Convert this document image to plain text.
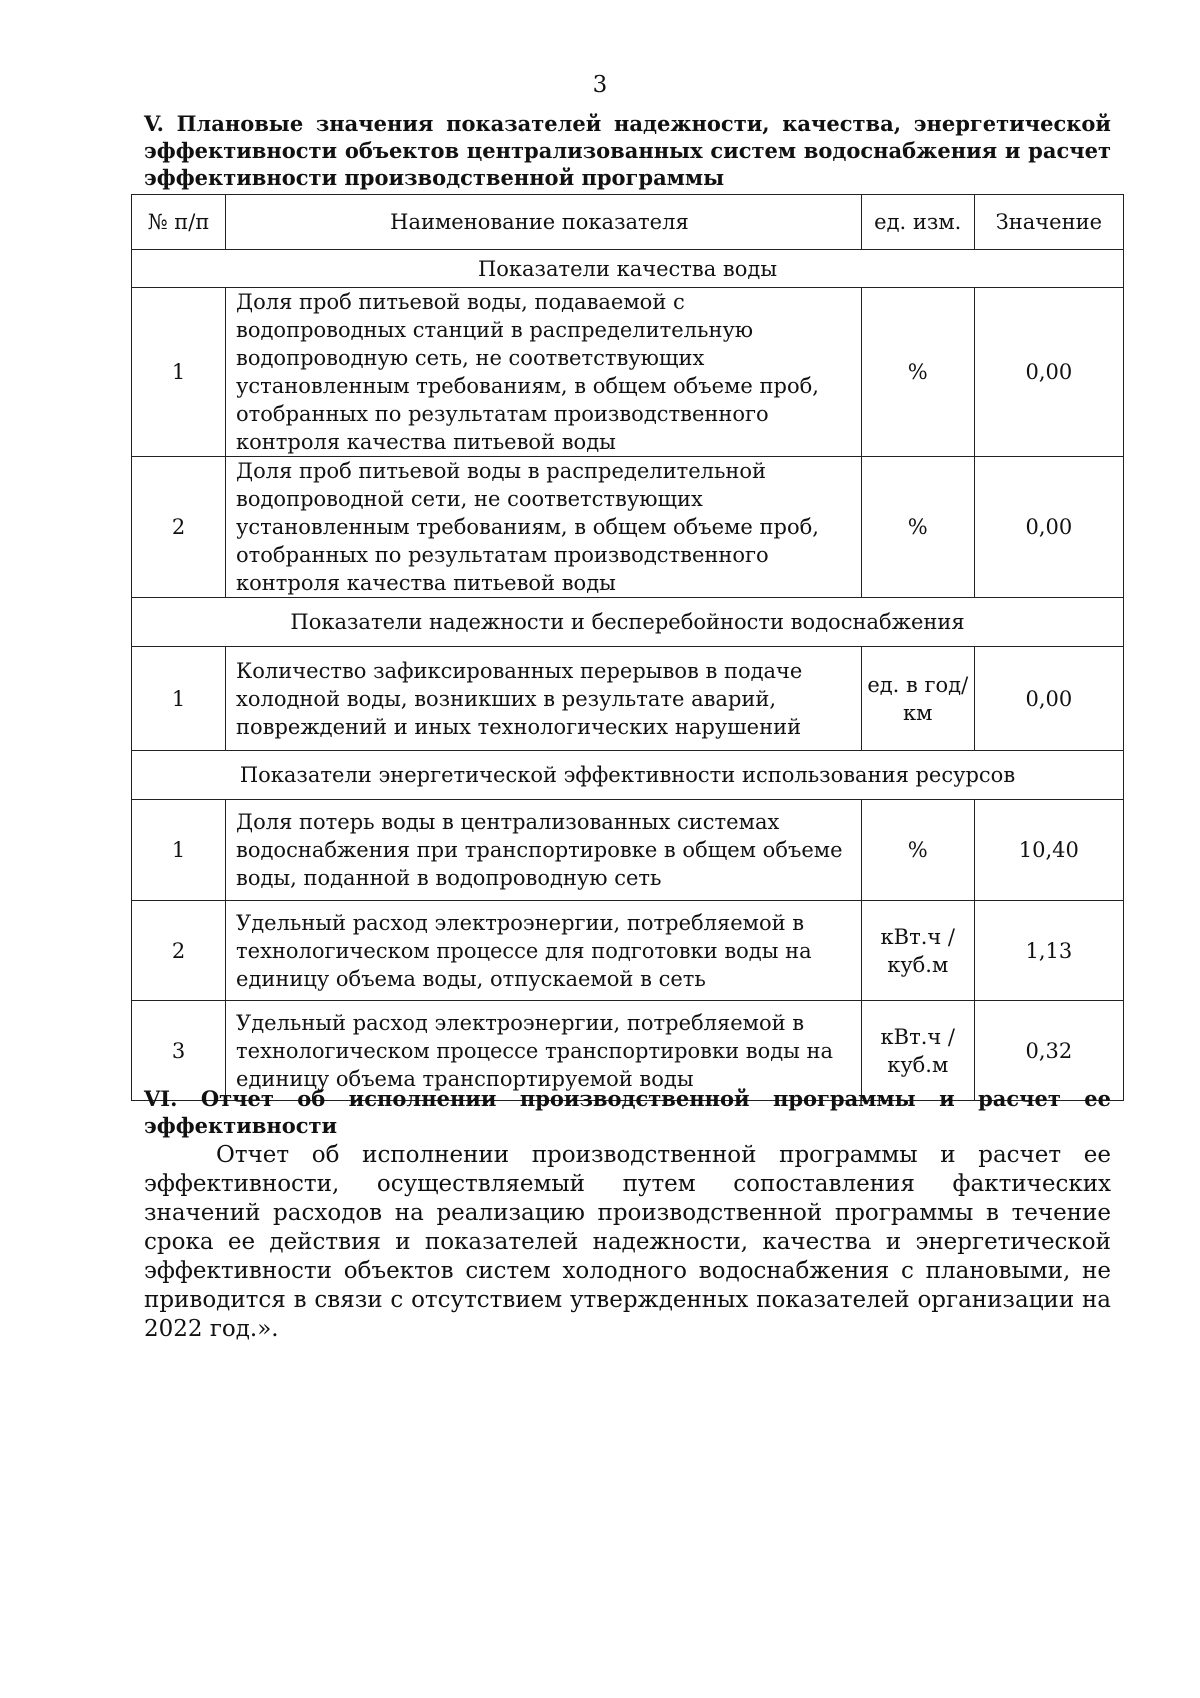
3
V. Плановые значения показателей надежности, качества, энергетической эффективности объектов централизованных систем водоснабжения и расчет эффективности производственной программы
№ п/п	Наименование показателя	ед. изм.	Значение
Показатели качества воды			
1	Доля проб питьевой воды, подаваемой с водопроводных станций в распределительную водопроводную сеть, не соответствующих установленным требованиям, в общем объеме проб, отобранных по результатам производственного контроля качества питьевой воды	%	0,00
2	Доля проб питьевой воды в распределительной водопроводной сети, не соответствующих установленным требованиям, в общем объеме проб, отобранных по результатам производственного контроля качества питьевой воды	%	0,00
Показатели надежности и бесперебойности водоснабжения			
1	Количество зафиксированных перерывов в подаче холодной воды, возникших в результате аварий, повреждений и иных технологических нарушений	ед. в год/ км	0,00
Показатели энергетической эффективности использования ресурсов			
1	Доля потерь воды в централизованных системах водоснабжения при транспортировке в общем объеме воды, поданной в водопроводную сеть	%	10,40
2	Удельный расход электроэнергии, потребляемой в технологическом процессе для подготовки воды на единицу объема воды, отпускаемой в сеть	кВт.ч / куб.м	1,13
3	Удельный расход электроэнергии, потребляемой в технологическом процессе транспортировки воды на единицу объема транспортируемой воды	кВт.ч / куб.м	0,32
VI. Отчет об исполнении производственной программы и расчет ее эффективности
Отчет об исполнении производственной программы и расчет ее эффективности, осуществляемый путем сопоставления фактических значений расходов на реализацию производственной программы в течение срока ее действия и показателей надежности, качества и энергетической эффективности объектов систем холодного водоснабжения с плановыми, не приводится в связи с отсутствием утвержденных показателей организации на 2022 год.».
